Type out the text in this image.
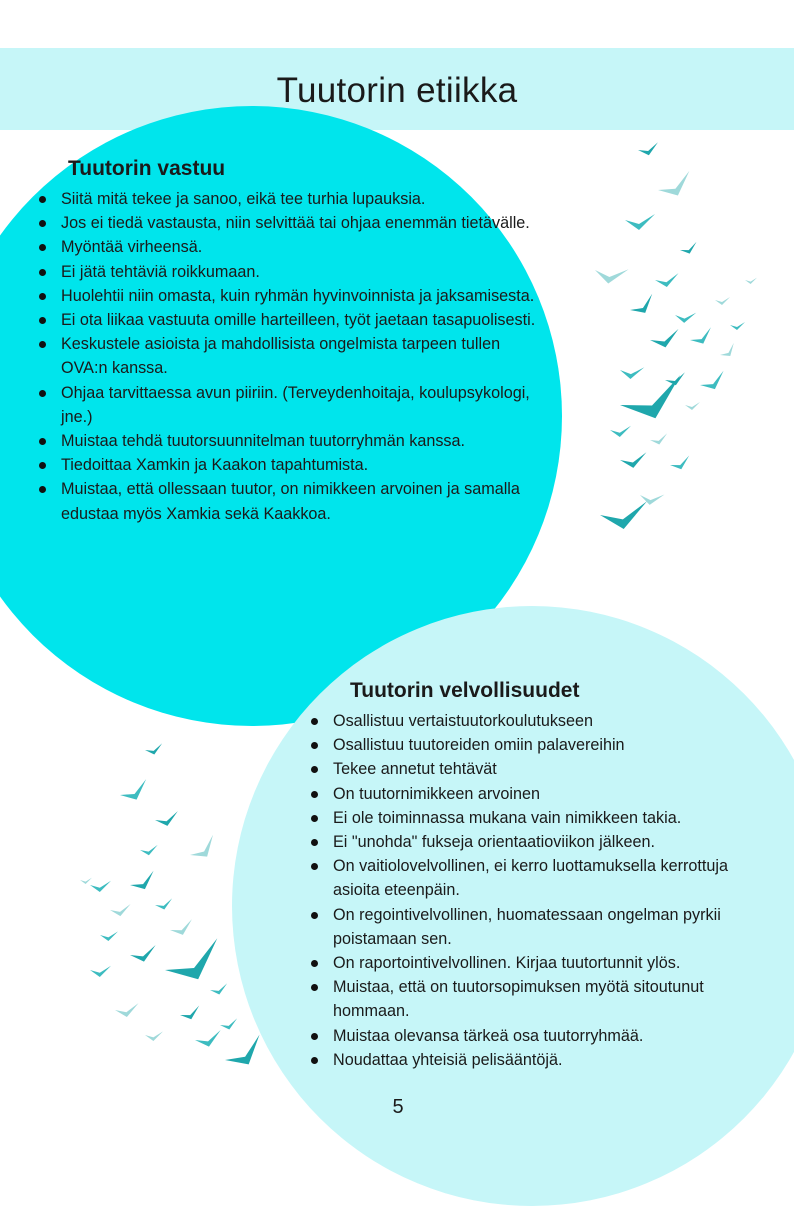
Tuutorin etiikka
Tuutorin vastuu
Siitä mitä tekee ja sanoo, eikä tee turhia lupauksia.
Jos ei tiedä vastausta, niin selvittää tai ohjaa enemmän tietävälle.
Myöntää virheensä.
Ei jätä tehtäviä roikkumaan.
Huolehtii niin omasta, kuin ryhmän hyvinvoinnista ja jaksamisesta.
Ei ota liikaa vastuuta omille harteilleen, työt jaetaan tasapuolisesti.
Keskustele asioista ja mahdollisista ongelmista tarpeen tullen OVA:n kanssa.
Ohjaa tarvittaessa avun piiriin. (Terveydenhoitaja, koulupsykologi, jne.)
Muistaa tehdä tuutorsuunnitelman tuutorryhmän kanssa.
Tiedoittaa Xamkin ja Kaakon tapahtumista.
Muistaa, että ollessaan tuutor, on nimikkeen arvoinen ja samalla edustaa myös Xamkia sekä Kaakkoa.
Tuutorin velvollisuudet
Osallistuu vertaistuutorkoulutukseen
Osallistuu tuutoreiden omiin palavereihin
Tekee annetut tehtävät
On tuutornimikkeen arvoinen
Ei ole toiminnassa mukana vain nimikkeen takia.
Ei "unohda" fukseja orientaatioviikon jälkeen.
On vaitiolovelvollinen, ei kerro luottamuksella kerrottuja asioita eteenpäin.
On regointivelvollinen, huomatessaan ongelman pyrkii poistamaan sen.
On raportointivelvollinen. Kirjaa tuutortunnit ylös.
Muistaa, että on tuutorsopimuksen myötä sitoutunut hommaan.
Muistaa olevansa tärkeä osa tuutorryhmää.
Noudattaa yhteisiä pelisääntöjä.
5
